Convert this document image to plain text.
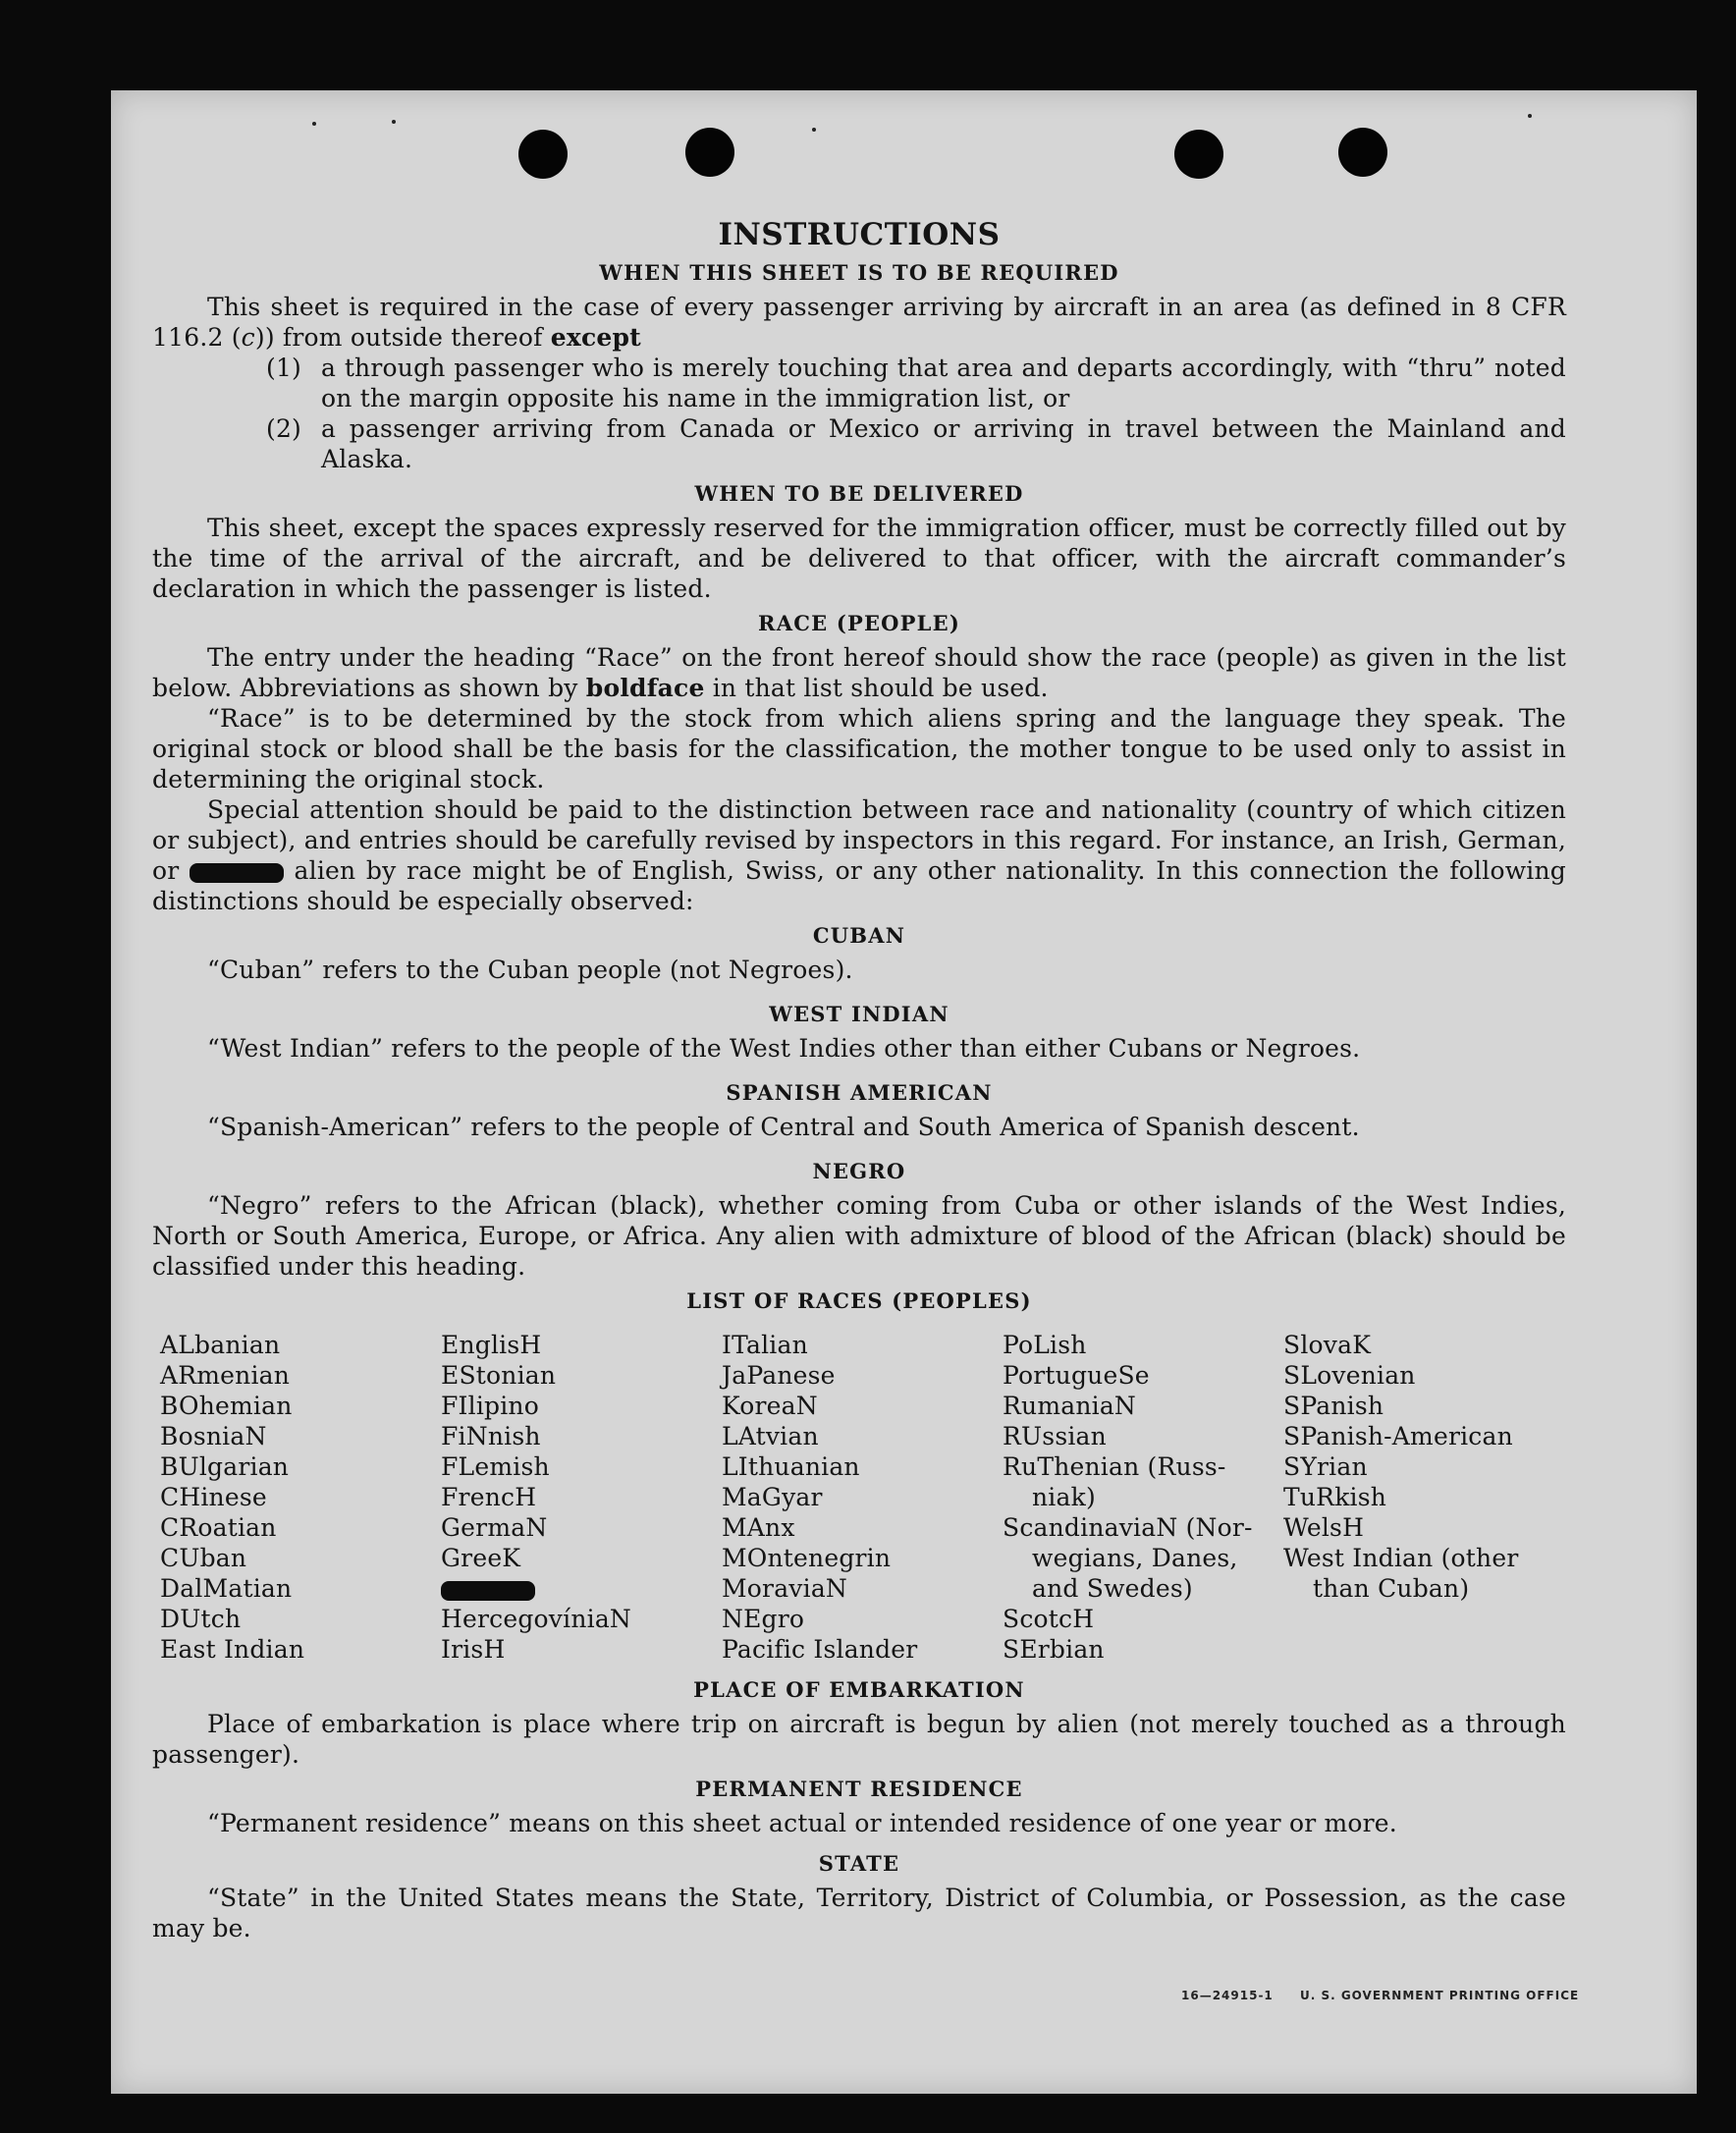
INSTRUCTIONS
WHEN THIS SHEET IS TO BE REQUIRED

This sheet is required in the case of every passenger arriving by aircraft in an area (as defined in 8 CFR 116.2 (c)) from outside thereof except

(1) a through passenger who is merely touching that area and departs accordingly, with “thru” noted on the margin opposite his name in the immigration list, or
(2) a passenger arriving from Canada or Mexico or arriving in travel between the Mainland and Alaska.
WHEN TO BE DELIVERED

This sheet, except the spaces expressly reserved for the immigration officer, must be correctly filled out by the time of the arrival of the aircraft, and be delivered to that officer, with the aircraft commander’s declaration in which the passenger is listed.

RACE (PEOPLE)

The entry under the heading “Race” on the front hereof should show the race (people) as given in the list below. Abbreviations as shown by boldface in that list should be used.

“Race” is to be determined by the stock from which aliens spring and the language they speak. The original stock or blood shall be the basis for the classification, the mother tongue to be used only to assist in determining the original stock.

Special attention should be paid to the distinction between race and nationality (country of which citizen or subject), and entries should be carefully revised by inspectors in this regard. For instance, an Irish, German, or	alien by race might be of English, Swiss, or any other nationality. In this connection the following distinctions should be especially observed:

CUBAN

“Cuban” refers to the Cuban people (not Negroes).

WEST INDIAN

“West Indian” refers to the people of the West Indies other than either Cubans or Negroes.

SPANISH AMERICAN

“Spanish-American” refers to the people of Central and South America of Spanish descent.

NEGRO

“Negro” refers to the African (black), whether coming from Cuba or other islands of the West Indies, North or South America, Europe, or Africa. Any alien with admixture of blood of the African (black) should be classified under this heading.

LIST OF RACES (PEOPLES)
ALbanian
ARmenian
BOhemian
BosniaN
BUlgarian
CHinese
CRoatian
CUban
DalMatian
DUtch
East Indian
EnglisH
EStonian
FIlipino
FiNnish
FLemish
FrencH
GermaN
GreeK
HercegovíniaN
IrisH
ITalian
JaPanese
KoreaN
LAtvian
LIthuanian
MaGyar
MAnx
MOntenegrin
MoraviaN
NEgro
Pacific Islander
PoLish
PortugueSe
RumaniaN
RUssian
RuThenian (Russ-
niak)
ScandinaviaN (Nor-
wegians, Danes,
and Swedes)
ScotcH
SErbian
SlovaK
SLovenian
SPanish
SPanish-American
SYrian
TuRkish
WelsH
West Indian (other
than Cuban)

PLACE OF EMBARKATION

Place of embarkation is place where trip on aircraft is begun by alien (not merely touched as a through passenger).

PERMANENT RESIDENCE

“Permanent residence” means on this sheet actual or intended residence of one year or more.

STATE

“State” in the United States means the State, Territory, District of Columbia, or Possession, as the case may be.

16—24915-1 U. S. GOVERNMENT PRINTING OFFICE
